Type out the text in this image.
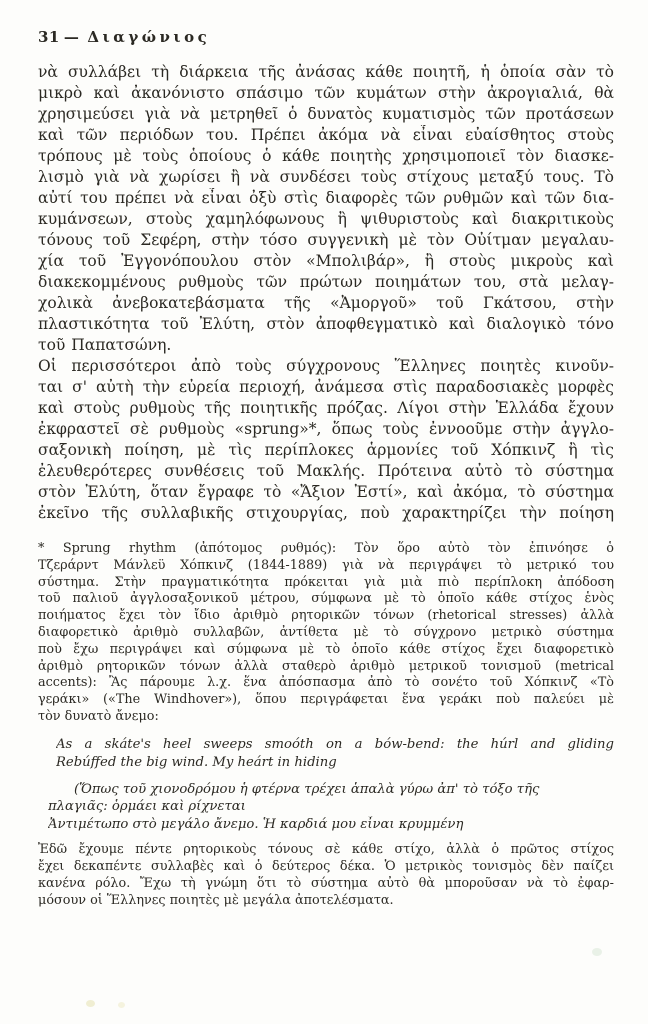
31 — Διαγώνιος
νὰ συλλάβει τὴ διάρκεια τῆς ἀνάσας κάθε ποιητῆ, ἡ ὁποία σὰν τὸ
μικρὸ καὶ ἀκανόνιστο σπάσιμο τῶν κυμάτων στὴν ἀκρογιαλιά, θὰ
χρησιμεύσει γιὰ νὰ μετρηθεῖ ὁ δυνατὸς κυματισμὸς τῶν προτάσεων
καὶ τῶν περιόδων του. Πρέπει ἀκόμα νὰ εἶναι εὐαίσθητος στοὺς
τρόπους μὲ τοὺς ὁποίους ὁ κάθε ποιητὴς χρησιμοποιεῖ τὸν διασκε-
λισμὸ γιὰ νὰ χωρίσει ἢ νὰ συνδέσει τοὺς στίχους μεταξύ τους. Τὸ
αὐτί του πρέπει νὰ εἶναι ὀξὺ στὶς διαφορὲς τῶν ρυθμῶν καὶ τῶν δια-
κυμάνσεων, στοὺς χαμηλόφωνους ἢ ψιθυριστοὺς καὶ διακριτικοὺς
τόνους τοῦ Σεφέρη, στὴν τόσο συγγενικὴ μὲ τὸν Οὐίτμαν μεγαλαυ-
χία τοῦ Ἐγγονόπουλου στὸν «Μπολιβάρ», ἢ στοὺς μικροὺς καὶ
διακεκομμένους ρυθμοὺς τῶν πρώτων ποιημάτων του, στὰ μελαγ-
χολικὰ ἀνεβοκατεβάσματα τῆς «Ἀμοργοῦ» τοῦ Γκάτσου, στὴν
πλαστικότητα τοῦ Ἐλύτη, στὸν ἀποφθεγματικὸ καὶ διαλογικὸ τόνο
τοῦ Παπατσώνη.
Οἱ περισσότεροι ἀπὸ τοὺς σύγχρονους Ἕλληνες ποιητὲς κινοῦν-
ται σ' αὐτὴ τὴν εὐρεία περιοχή, ἀνάμεσα στὶς παραδοσιακὲς μορφὲς
καὶ στοὺς ρυθμοὺς τῆς ποιητικῆς πρόζας. Λίγοι στὴν Ἑλλάδα ἔχουν
ἐκφραστεῖ σὲ ρυθμοὺς «sprung»*, ὅπως τοὺς ἐννοοῦμε στὴν ἀγγλο-
σαξονικὴ ποίηση, μὲ τὶς περίπλοκες ἁρμονίες τοῦ Χόπκινζ ἢ τὶς
ἐλευθερότερες συνθέσεις τοῦ Μακλής. Πρότεινα αὐτὸ τὸ σύστημα
στὸν Ἐλύτη, ὅταν ἔγραφε τὸ «Ἄξιον Ἐστί», καὶ ἀκόμα, τὸ σύστημα
ἐκεῖνο τῆς συλλαβικῆς στιχουργίας, ποὺ χαρακτηρίζει τὴν ποίηση
* Sprung rhythm (ἀπότομος ρυθμός): Τὸν ὅρο αὐτὸ τὸν ἐπινόησε ὁ
Τζεράρντ Μάνλεϋ Χόπκινζ (1844-1889) γιὰ νὰ περιγράψει τὸ μετρικό του
σύστημα. Στὴν πραγματικότητα πρόκειται γιὰ μιὰ πιὸ περίπλοκη ἀπόδοση
τοῦ παλιοῦ ἀγγλοσαξονικοῦ μέτρου, σύμφωνα μὲ τὸ ὁποῖο κάθε στίχος ἑνὸς
ποιήματος ἔχει τὸν ἴδιο ἀριθμὸ ρητορικῶν τόνων (rhetorical stresses) ἀλλὰ
διαφορετικὸ ἀριθμὸ συλλαβῶν, ἀντίθετα μὲ τὸ σύγχρονο μετρικὸ σύστημα
ποὺ ἔχω περιγράψει καὶ σύμφωνα μὲ τὸ ὁποῖο κάθε στίχος ἔχει διαφορετικὸ
ἀριθμὸ ρητορικῶν τόνων ἀλλὰ σταθερὸ ἀριθμὸ μετρικοῦ τονισμοῦ (metrical
accents): Ἂς πάρουμε λ.χ. ἕνα ἀπόσπασμα ἀπὸ τὸ σονέτο τοῦ Χόπκινζ «Τὸ
γεράκι» («The Windhover»), ὅπου περιγράφεται ἕνα γεράκι ποὺ παλεύει μὲ
τὸν δυνατὸ ἄνεμο:
As a skáte's heel sweeps smoóth on a bów-bend: the húrl and gliding
Rebúffed the big wind. My heárt in hiding
(Ὅπως τοῦ χιονοδρόμου ἡ φτέρνα τρέχει ἁπαλὰ γύρω ἀπ' τὸ τόξο τῆς
πλαγιᾶς: ὁρμάει καὶ ρίχνεται
Ἀντιμέτωπο στὸ μεγάλο ἄνεμο. Ἡ καρδιά μου εἶναι κρυμμένη
Ἐδῶ ἔχουμε πέντε ρητορικοὺς τόνους σὲ κάθε στίχο, ἀλλὰ ὁ πρῶτος στίχος
ἔχει δεκαπέντε συλλαβὲς καὶ ὁ δεύτερος δέκα. Ὁ μετρικὸς τονισμὸς δὲν παίζει
κανένα ρόλο. Ἔχω τὴ γνώμη ὅτι τὸ σύστημα αὐτὸ θὰ μποροῦσαν νὰ τὸ ἐφαρ-
μόσουν οἱ Ἕλληνες ποιητὲς μὲ μεγάλα ἀποτελέσματα.
